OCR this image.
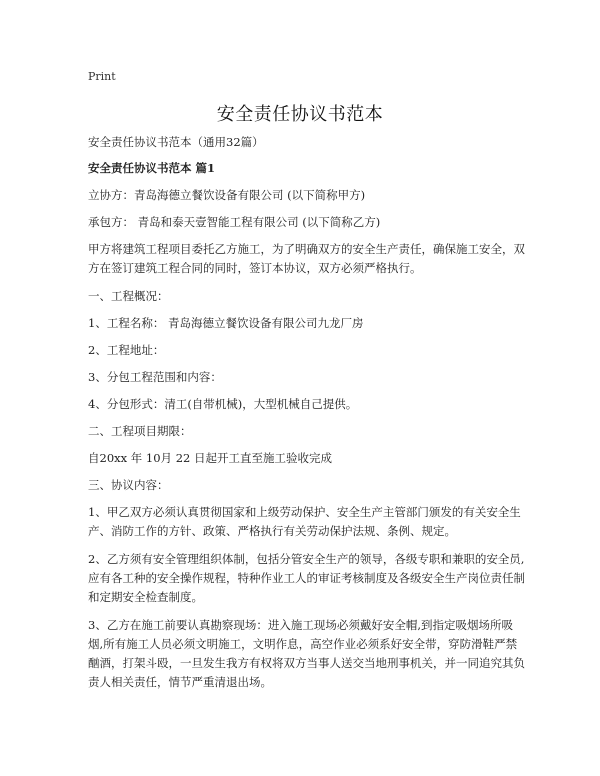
Print
安全责任协议书范本

安全责任协议书范本（通用32篇）

安全责任协议书范本 篇1

立协方：青岛海德立餐饮设备有限公司 (以下简称甲方)

承包方： 青岛和泰天壹智能工程有限公司 (以下简称乙方)

甲方将建筑工程项目委托乙方施工，为了明确双方的安全生产责任，确保施工安全，双方在签订建筑工程合同的同时，签订本协议，双方必须严格执行。

一、工程概况：

1、工程名称： 青岛海德立餐饮设备有限公司九龙厂房

2、工程地址：

3、分包工程范围和内容：

4、分包形式：清工(自带机械)，大型机械自己提供。

二、工程项目期限：

自20xx 年 10月 22 日起开工直至施工验收完成

三、协议内容：

1、甲乙双方必须认真贯彻国家和上级劳动保护、安全生产主管部门颁发的有关安全生产、消防工作的方针、政策、严格执行有关劳动保护法规、条例、规定。

2、乙方须有安全管理组织体制，包括分管安全生产的领导，各级专职和兼职的安全员,应有各工种的安全操作规程，特种作业工人的审证考核制度及各级安全生产岗位责任制和定期安全检查制度。

3、乙方在施工前要认真勘察现场：进入施工现场必须戴好安全帽,到指定吸烟场所吸烟,所有施工人员必须文明施工，文明作息，高空作业必须系好安全带，穿防滑鞋严禁酗酒，打架斗殴，一旦发生我方有权将双方当事人送交当地刑事机关，并一同追究其负责人相关责任，情节严重清退出场。
